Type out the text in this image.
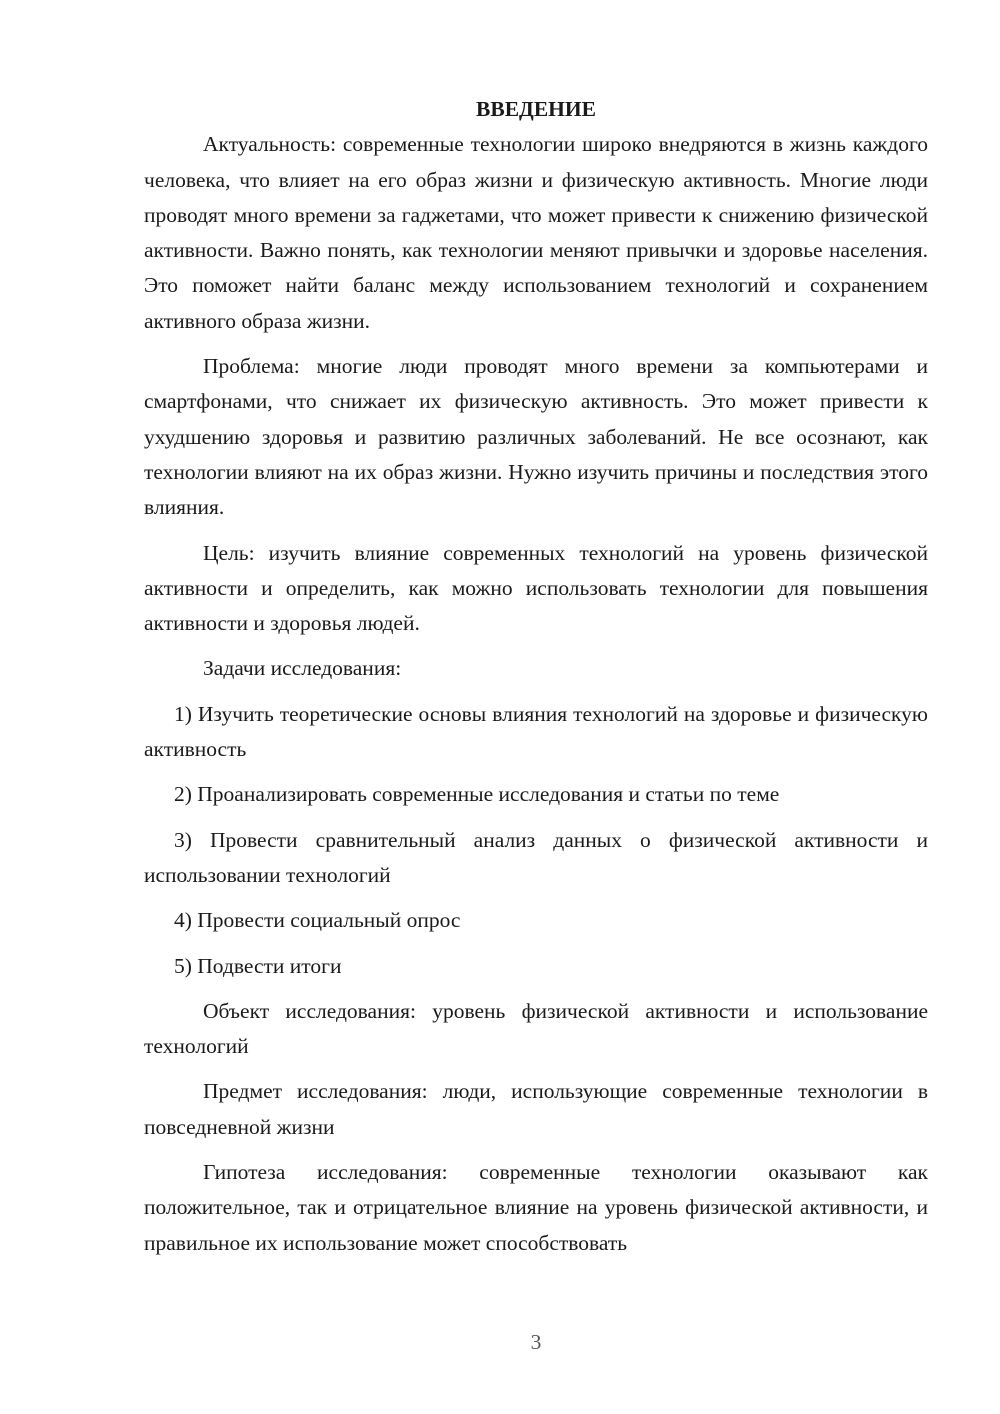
ВВЕДЕНИЕ

Актуальность: современные технологии широко внедряются в жизнь каждого человека, что влияет на его образ жизни и физическую активность. Многие люди проводят много времени за гаджетами, что может привести к снижению физической активности. Важно понять, как технологии меняют привычки и здоровье населения. Это поможет найти баланс между использованием технологий и сохранением активного образа жизни.

Проблема: многие люди проводят много времени за компьютерами и смартфонами, что снижает их физическую активность. Это может привести к ухудшению здоровья и развитию различных заболеваний. Не все осознают, как технологии влияют на их образ жизни. Нужно изучить причины и последствия этого влияния.

Цель: изучить влияние современных технологий на уровень физической активности и определить, как можно использовать технологии для повышения активности и здоровья людей.

Задачи исследования:

1) Изучить теоретические основы влияния технологий на здоровье и физическую активность

2) Проанализировать современные исследования и статьи по теме

3) Провести сравнительный анализ данных о физической активности и использовании технологий

4) Провести социальный опрос

5) Подвести итоги

Объект исследования: уровень физической активности и использование технологий

Предмет исследования: люди, использующие современные технологии в повседневной жизни

Гипотеза исследования: современные технологии оказывают как положительное, так и отрицательное влияние на уровень физической активности, и правильное их использование может способствовать

3
